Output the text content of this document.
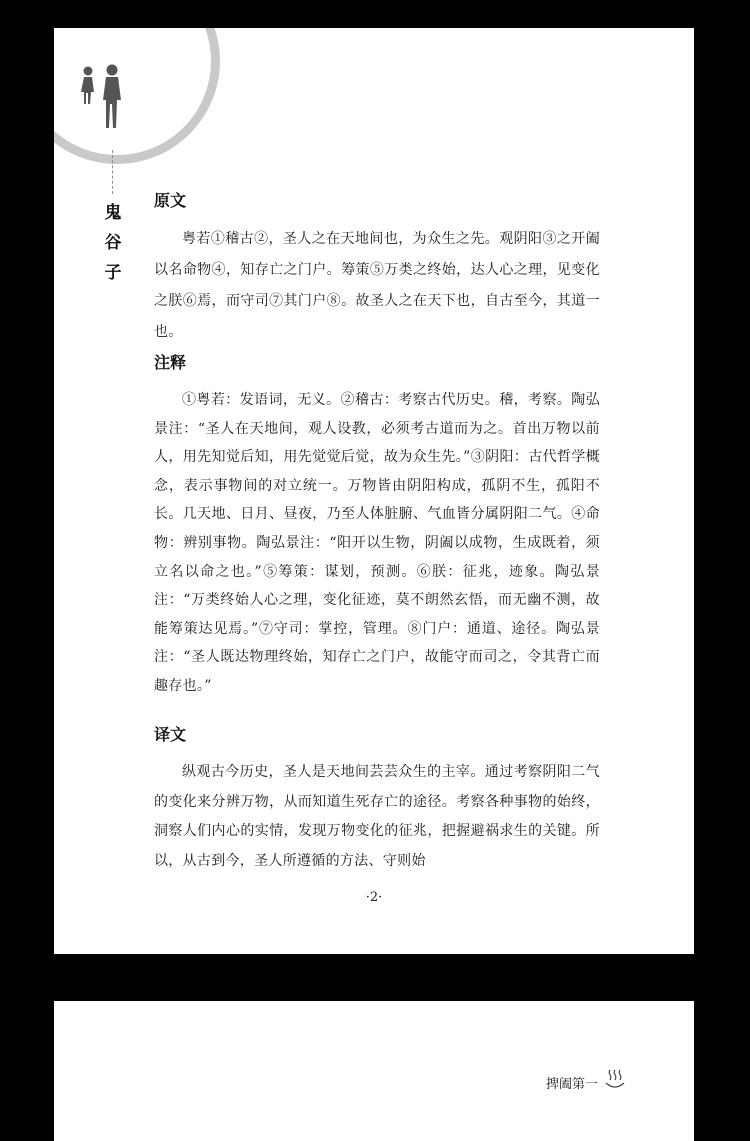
鬼
谷
子
原文

粤若①稽古②，圣人之在天地间也，为众生之先。观阴阳③之开阖以名命物④，知存亡之门户。筹策⑤万类之终始，达人心之理，见变化之朕⑥焉，而守司⑦其门户⑧。故圣人之在天下也，自古至今，其道一也。

注释

①粤若：发语词，无义。②稽古：考察古代历史。稽，考察。陶弘景注：“圣人在天地间，观人设教，必须考古道而为之。首出万物以前人，用先知觉后知，用先觉觉后觉，故为众生先。”③阴阳：古代哲学概念，表示事物间的对立统一。万物皆由阴阳构成，孤阴不生，孤阳不长。几天地、日月、昼夜，乃至人体脏腑、气血皆分属阴阳二气。④命物：辨别事物。陶弘景注：“阳开以生物，阴阖以成物，生成既着，须立名以命之也。”⑤筹策：谋划，预测。⑥朕：征兆，迹象。陶弘景注：“万类终始人心之理，变化征迹，莫不朗然玄悟，而无幽不测，故能筹策达见焉。”⑦守司：掌控，管理。⑧门户：通道、途径。陶弘景注：“圣人既达物理终始，知存亡之门户，故能守而司之，令其背亡而趣存也。”

译文

纵观古今历史，圣人是天地间芸芸众生的主宰。通过考察阴阳二气的变化来分辨万物，从而知道生死存亡的途径。考察各种事物的始终，洞察人们内心的实情，发现万物变化的征兆，把握避祸求生的关键。所以，从古到今，圣人所遵循的方法、守则始

·2·
捭阖第一
